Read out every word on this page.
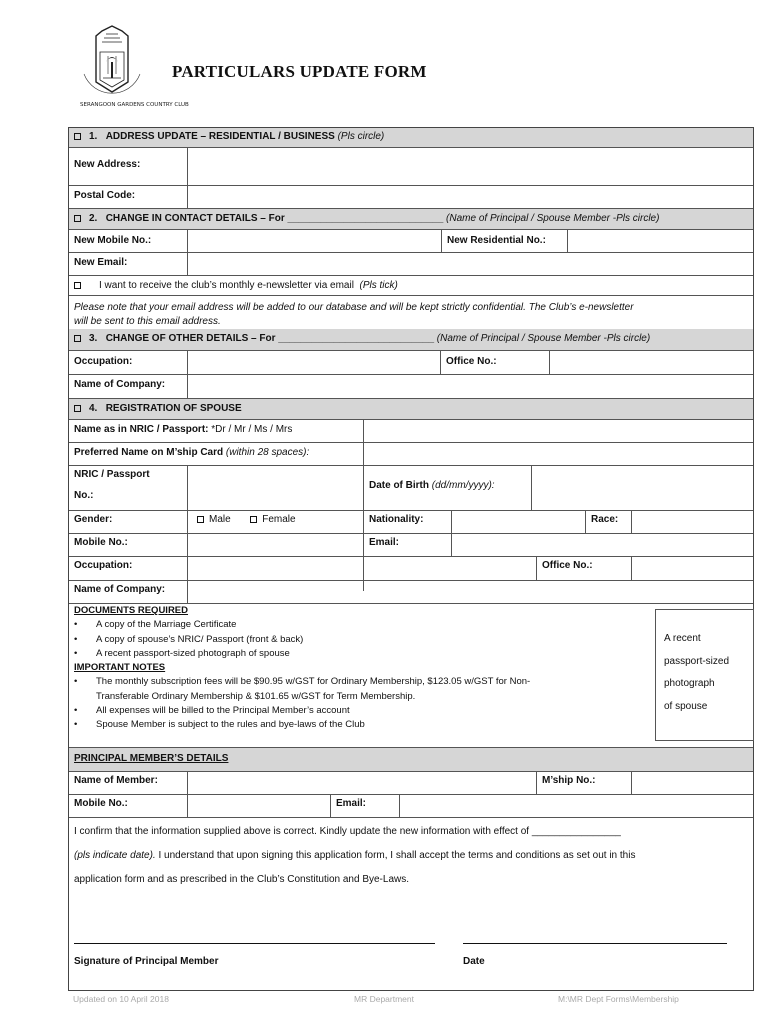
SERANGOON GARDENS COUNTRY CLUB
PARTICULARS UPDATE FORM
1. ADDRESS UPDATE – RESIDENTIAL / BUSINESS (Pls circle)
New Address:
Postal Code:
2. CHANGE IN CONTACT DETAILS – For ____________________________ (Name of Principal / Spouse Member -Pls circle)
New Mobile No.:	New Residential No.:
New Email:
I want to receive the club’s monthly e-newsletter via email (Pls tick)
Please note that your email address will be added to our database and will be kept strictly confidential. The Club’s e-newsletter
will be sent to this email address.
3. CHANGE OF OTHER DETAILS – For ____________________________ (Name of Principal / Spouse Member -Pls circle)
Occupation:	Office No.:
Name of Company:
4. REGISTRATION OF SPOUSE
Name as in NRIC / Passport: *Dr / Mr / Ms / Mrs
Preferred Name on M’ship Card (within 28 spaces):
NRIC / Passport
No.:
Date of Birth (dd/mm/yyyy):
Gender:	Male	Female	Nationality:	Race:
Mobile No.:	Email:
Occupation:	Office No.:
Name of Company:
DOCUMENTS REQUIRED
• A copy of the Marriage Certificate
• A copy of spouse’s NRIC/ Passport (front & back)
• A recent passport-sized photograph of spouse
IMPORTANT NOTES
• The monthly subscription fees will be $90.95 w/GST for Ordinary Membership, $123.05 w/GST for Non-
Transferable Ordinary Membership & $101.65 w/GST for Term Membership.
• All expenses will be billed to the Principal Member’s account
• Spouse Member is subject to the rules and bye-laws of the Club
A recent
passport-sized
photograph
of spouse
PRINCIPAL MEMBER’S DETAILS
Name of Member:	M’ship No.:
Mobile No.:	Email:
I confirm that the information supplied above is correct. Kindly update the new information with effect of ________________
(pls indicate date). I understand that upon signing this application form, I shall accept the terms and conditions as set out in this
application form and as prescribed in the Club’s Constitution and Bye-Laws.
Signature of Principal Member	Date
Updated on 10 April 2018	MR Department	M:\MR Dept Forms\Membership
